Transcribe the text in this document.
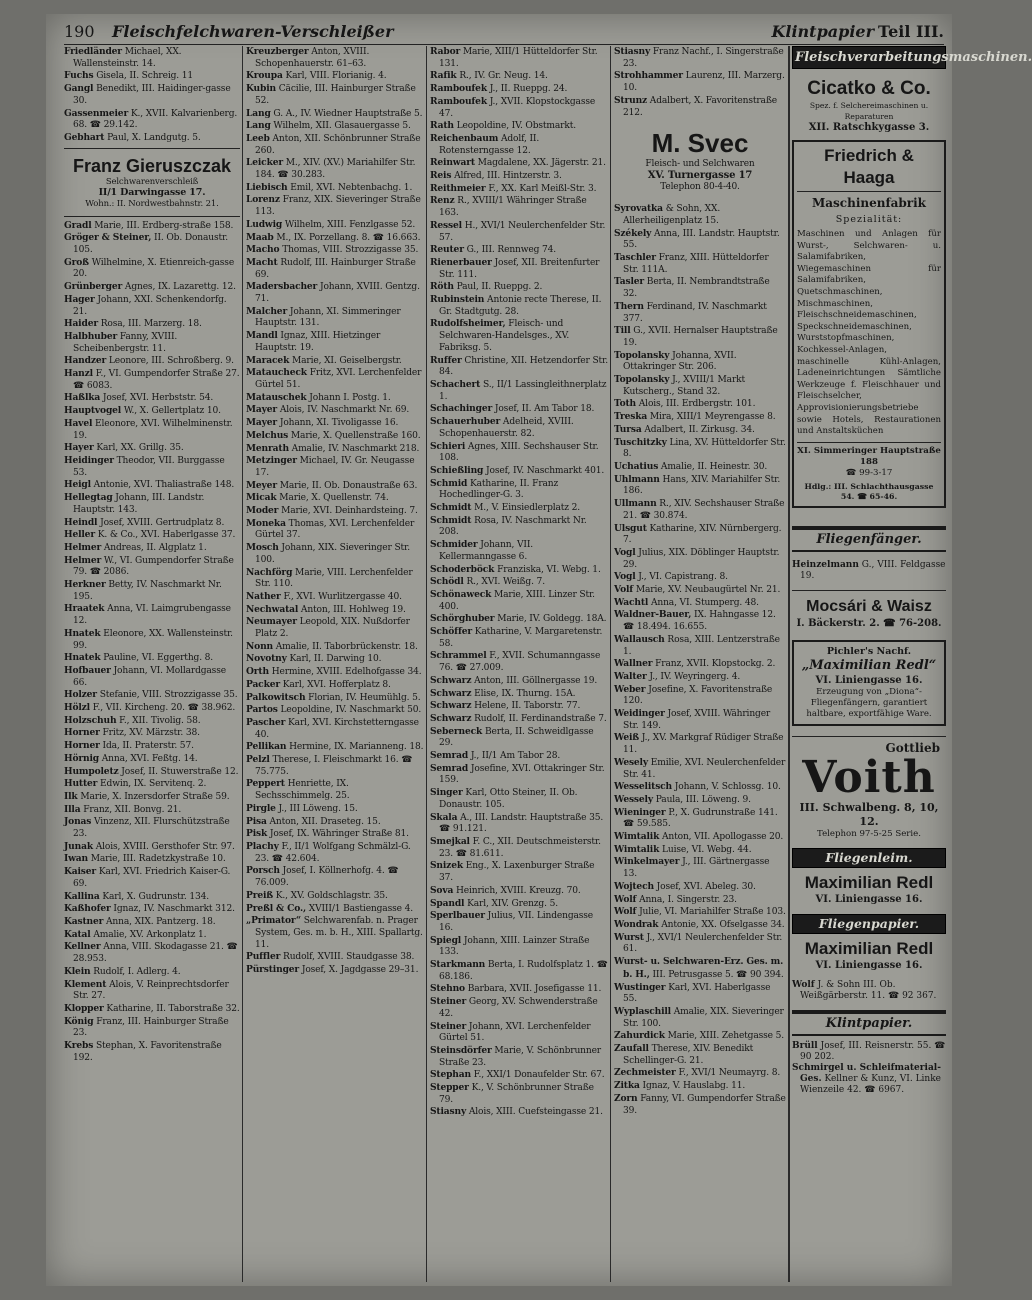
190 Fleischfelchwaren-Verschleißer	Klintpapier Teil III.

Friedländer Michael, XX. Wallensteinstr. 14.

Fuchs Gisela, II. Schreig. 11

Gangl Benedikt, III. Haidinger-gasse 30.

Gassenmeier K., XVII. Kalvarienberg. 68. ☎ 29.142.

Gebhart Paul, X. Landgutg. 5.

Franz Gieruszczak
Selchwarenverschleiß
II/1 Darwingasse 17.
Wohn.: II. Nordwestbahnstr. 21.

Gradl Marie, III. Erdberg-straße 158.

Gröger & Steiner, II. Ob. Donaustr. 105.

Groß Wilhelmine, X. Etienreich-gasse 20.

Grünberger Agnes, IX. Lazarettg. 12.

Hager Johann, XXI. Schenkendorfg. 21.

Haider Rosa, III. Marzerg. 18.

Halbhuber Fanny, XVIII. Scheibenbergstr. 11.

Handzer Leonore, III. Schroßberg. 9.

Hanzl F., VI. Gumpendorfer Straße 27. ☎ 6083.

Haßlka Josef, XVI. Herbststr. 54.

Hauptvogel W., X. Gellertplatz 10.

Havel Eleonore, XVI. Wilhelminenstr. 19.

Hayer Karl, XX. Grillg. 35.

Heidinger Theodor, VII. Burggasse 53.

Heigl Antonie, XVI. Thaliastraße 148.

Hellegtag Johann, III. Landstr. Hauptstr. 143.

Heindl Josef, XVIII. Gertrudplatz 8.

Heller K. & Co., XVI. Haberlgasse 37.

Helmer Andreas, II. Algplatz 1.

Helmer W., VI. Gumpendorfer Straße 79. ☎ 2086.

Herkner Betty, IV. Naschmarkt Nr. 195.

Hraatek Anna, VI. Laimgrubengasse 12.

Hnatek Eleonore, XX. Wallensteinstr. 99.

Hnatek Pauline, VI. Eggerthg. 8.

Hofbauer Johann, VI. Mollardgasse 66.

Holzer Stefanie, VIII. Strozzigasse 35.

Hölzl F., VII. Kircheng. 20. ☎ 38.962.

Holzschuh F., XII. Tivolig. 58.

Horner Fritz, XV. Märzstr. 38.

Horner Ida, II. Praterstr. 57.

Hörnig Anna, XVI. Feßtg. 14.

Humpoletz Josef, II. Stuwerstraße 12.

Hutter Edwin, IX. Servitenq. 2.

Ilk Marie, X. Inzersdorfer Straße 59.

Illa Franz, XII. Bonvg. 21.

Jonas Vinzenz, XII. Flurschützstraße 23.

Junak Alois, XVIII. Gersthofer Str. 97.

Iwan Marie, III. Radetzkystraße 10.

Kaiser Karl, XVI. Friedrich Kaiser-G. 69.

Kallina Karl, X. Gudrunstr. 134.

Kaßhofer Ignaz, IV. Naschmarkt 312.

Kastner Anna, XIX. Pantzerg. 18.

Katal Amalie, XV. Arkonplatz 1.

Kellner Anna, VIII. Skodagasse 21. ☎ 28.953.

Klein Rudolf, I. Adlerg. 4.

Klement Alois, V. Reinprechtsdorfer Str. 27.

Klopper Katharine, II. Taborstraße 32.

König Franz, III. Hainburger Straße 23.

Krebs Stephan, X. Favoritenstraße 192.

Kreuzberger Anton, XVIII. Schopenhauerstr. 61–63.

Kroupa Karl, VIII. Florianig. 4.

Kubin Cäcilie, III. Hainburger Straße 52.

Lang G. A., IV. Wiedner Hauptstraße 5.

Lang Wilhelm, XII. Glasauergasse 5.

Leeb Anton, XII. Schönbrunner Straße 260.

Leicker M., XIV. (XV.) Mariahilfer Str. 184. ☎ 30.283.

Liebisch Emil, XVI. Nebtenbachg. 1.

Lorenz Franz, XIX. Sieveringer Straße 113.

Ludwig Wilhelm, XIII. Fenzlgasse 52.

Maab M., IX. Porzellang. 8. ☎ 16.663.

Macho Thomas, VIII. Strozzigasse 35.

Macht Rudolf, III. Hainburger Straße 69.

Madersbacher Johann, XVIII. Gentzg. 71.

Malcher Johann, XI. Simmeringer Hauptstr. 131.

Mandl Ignaz, XIII. Hietzinger Hauptstr. 19.

Maracek Marie, XI. Geiselbergstr.

Mataucheck Fritz, XVI. Lerchenfelder Gürtel 51.

Matauschek Johann I. Postg. 1.

Mayer Alois, IV. Naschmarkt Nr. 69.

Mayer Johann, XI. Tivoligasse 16.

Melchus Marie, X. Quellenstraße 160.

Menrath Amalie, IV. Naschmarkt 218.

Metzinger Michael, IV. Gr. Neugasse 17.

Meyer Marie, II. Ob. Donaustraße 63.

Micak Marie, X. Quellenstr. 74.

Moder Marie, XVI. Deinhardsteing. 7.

Moneka Thomas, XVI. Lerchenfelder Gürtel 37.

Mosch Johann, XIX. Sieveringer Str. 100.

Nachförg Marie, VIII. Lerchenfelder Str. 110.

Nather F., XVI. Wurlitzergasse 40.

Nechwatal Anton, III. Hohlweg 19.

Neumayer Leopold, XIX. Nußdorfer Platz 2.

Nonn Amalie, II. Taborbrückenstr. 18.

Novotny Karl, II. Darwing 10.

Orth Hermine, XVIII. Edelhofgasse 34.

Packer Karl, XVI. Hofferplatz 8.

Palkowitsch Florian, IV. Heumühlg. 5.

Partos Leopoldine, IV. Naschmarkt 50.

Pascher Karl, XVI. Kirchstetterngasse 40.

Pellikan Hermine, IX. Marianneng. 18.

Pelzl Therese, I. Fleischmarkt 16. ☎ 75.775.

Peppert Henriette, IX. Sechsschimmelg. 25.

Pirgle J., III Löweng. 15.

Pisa Anton, XII. Draseteg. 15.

Pisk Josef, IX. Währinger Straße 81.

Plachy F., II/1 Wolfgang Schmälzl-G. 23. ☎ 42.604.

Porsch Josef, I. Köllnerhofg. 4. ☎ 76.009.

Preiß K., XV. Goldschlagstr. 35.

Preßl & Co., XVIII/1 Bastiengasse 4.

„Primator“ Selchwarenfab. n. Prager System, Ges. m. b. H., XIII. Spallartg. 11.

Puffler Rudolf, XVIII. Staudgasse 38.

Pürstinger Josef, X. Jagdgasse 29–31.

Rabor Marie, XIII/1 Hütteldorfer Str. 131.

Rafik R., IV. Gr. Neug. 14.

Ramboufek J., II. Rueppg. 24.

Ramboufek J., XVII. Klopstockgasse 47.

Rath Leopoldine, IV. Obstmarkt.

Reichenbaum Adolf, II. Rotensterngasse 12.

Reinwart Magdalene, XX. Jägerstr. 21.

Reis Alfred, III. Hintzerstr. 3.

Reithmeier F., XX. Karl Meißl-Str. 3.

Renz R., XVIII/1 Währinger Straße 163.

Ressel H., XVI/1 Neulerchenfelder Str. 57.

Reuter G., III. Rennweg 74.

Rienerbauer Josef, XII. Breitenfurter Str. 111.

Röth Paul, II. Rueppg. 2.

Rubinstein Antonie recte Therese, II. Gr. Stadtgutg. 28.

Rudolfsheimer, Fleisch- und Selchwaren-Handelsges., XV. Fabriksg. 5.

Ruffer Christine, XII. Hetzendorfer Str. 84.

Schachert S., II/1 Lassingleithnerplatz 1.

Schachinger Josef, II. Am Tabor 18.

Schauerhuber Adelheid, XVIII. Schopenhauerstr. 82.

Schieri Agnes, XIII. Sechshauser Str. 108.

Schießling Josef, IV. Naschmarkt 401.

Schmid Katharine, II. Franz Hochedlinger-G. 3.

Schmidt M., V. Einsiedlerplatz 2.

Schmidt Rosa, IV. Naschmarkt Nr. 208.

Schmider Johann, VII. Kellermanngasse 6.

Schoderböck Franziska, VI. Webg. 1.

Schödl R., XVI. Weißg. 7.

Schönaweck Marie, XIII. Linzer Str. 400.

Schörghuber Marie, IV. Goldegg. 18A.

Schöffer Katharine, V. Margaretenstr. 58.

Schrammel F., XVII. Schumanngasse 76. ☎ 27.009.

Schwarz Anton, III. Göllnergasse 19.

Schwarz Elise, IX. Thurng. 15A.

Schwarz Helene, II. Taborstr. 77.

Schwarz Rudolf, II. Ferdinandstraße 7.

Seberneck Berta, II. Schweidlgasse 29.

Semrad J., II/1 Am Tabor 28.

Semrad Josefine, XVI. Ottakringer Str. 159.

Singer Karl, Otto Steiner, II. Ob. Donaustr. 105.

Skala A., III. Landstr. Hauptstraße 35. ☎ 91.121.

Smejkal F. C., XII. Deutschmeisterstr. 23. ☎ 81.611.

Snizek Eng., X. Laxenburger Straße 37.

Sova Heinrich, XVIII. Kreuzg. 70.

Spandl Karl, XIV. Grenzg. 5.

Sperlbauer Julius, VII. Lindengasse 16.

Spiegl Johann, XIII. Lainzer Straße 133.

Starkmann Berta, I. Rudolfsplatz 1. ☎ 68.186.

Stehno Barbara, XVII. Josefigasse 11.

Steiner Georg, XV. Schwenderstraße 42.

Steiner Johann, XVI. Lerchenfelder Gürtel 51.

Steinsdörfer Marie, V. Schönbrunner Straße 23.

Stephan F., XXI/1 Donaufelder Str. 67.

Stepper K., V. Schönbrunner Straße 79.

Stiasny Alois, XIII. Cuefsteingasse 21.

Stiasny Franz Nachf., I. Singerstraße 23.

Strohhammer Laurenz, III. Marzerg. 10.

Strunz Adalbert, X. Favoritenstraße 212.

M. Svec
Fleisch- und Selchwaren
XV. Turnergasse 17
Telephon 80-4-40.

Syrovatka & Sohn, XX. Allerheiligenplatz 15.

Székely Anna, III. Landstr. Hauptstr. 55.

Taschler Franz, XIII. Hütteldorfer Str. 111A.

Tasler Berta, II. Nembrandtstraße 32.

Thern Ferdinand, IV. Naschmarkt 377.

Till G., XVII. Hernalser Hauptstraße 19.

Topolansky Johanna, XVII. Ottakringer Str. 206.

Topolansky J., XVIII/1 Markt Kutscherg., Stand 32.

Toth Alois, III. Erdbergstr. 101.

Treska Mira, XIII/1 Meyrengasse 8.

Tursa Adalbert, II. Zirkusg. 34.

Tuschitzky Lina, XV. Hütteldorfer Str. 8.

Uchatius Amalie, II. Heinestr. 30.

Uhlmann Hans, XIV. Mariahilfer Str. 186.

Ullmann R., XIV. Sechshauser Straße 21. ☎ 30.874.

Ulsgut Katharine, XIV. Nürnbergerg. 7.

Vogl Julius, XIX. Döblinger Hauptstr. 29.

Vogl J., VI. Capistrang. 8.

Volf Marie, XV. Neubaugürtel Nr. 21.

Wachtl Anna, VI. Stumperg. 48.

Waldner-Bauer, IX. Hahngasse 12. ☎ 18.494. 16.655.

Wallausch Rosa, XIII. Lentzerstraße 1.

Wallner Franz, XVII. Klopstockg. 2.

Walter J., IV. Weyringerg. 4.

Weber Josefine, X. Favoritenstraße 120.

Weidinger Josef, XVIII. Währinger Str. 149.

Weiß J., XV. Markgraf Rüdiger Straße 11.

Wesely Emilie, XVI. Neulerchenfelder Str. 41.

Wesselitsch Johann, V. Schlossg. 10.

Wessely Paula, III. Löweng. 9.

Wieninger P., X. Gudrunstraße 141. ☎ 59.585.

Wimtalik Anton, VII. Apollogasse 20.

Wimtalik Luise, VI. Webg. 44.

Winkelmayer J., III. Gärtnergasse 13.

Wojtech Josef, XVI. Abeleg. 30.

Wolf Anna, I. Singerstr. 23.

Wolf Julie, VI. Mariahilfer Straße 103.

Wondrak Antonie, XX. Ofselgasse 34.

Wurst J., XVI/1 Neulerchenfelder Str. 61.

Wurst- u. Selchwaren-Erz. Ges. m. b. H., III. Petrusgasse 5. ☎ 90 394.

Wustinger Karl, XVI. Haberlgasse 55.

Wyplaschill Amalie, XIX. Sieveringer Str. 100.

Zahurdick Marie, XIII. Zehetgasse 5.

Zaufall Therese, XIV. Benedikt Schellinger-G. 21.

Zechmeister F., XVI/1 Neumayrg. 8.

Zitka Ignaz, V. Hauslabg. 11.

Zorn Fanny, VI. Gumpendorfer Straße 39.

Fleischverarbeitungsmaschinen.
Cicatko & Co.
Spez. f. Selchereimaschinen u. Reparaturen
XII. Ratschkygasse 3.
Friedrich & Haaga
Maschinenfabrik
Spezialität:
Maschinen und Anlagen für Wurst-, Selchwaren- u. Salamifabriken, Wiegemaschinen für Salamifabriken, Quetschmaschinen, Mischmaschinen, Fleischschneidemaschinen, Speckschneidemaschinen, Wurststopfmaschinen, Kochkessel-Anlagen, maschinelle Kühl-Anlagen, Ladeneinrichtungen Sämtliche Werkzeuge f. Fleischhauer und Fleischselcher, Approvisionierungsbetriebe sowie Hotels, Restaurationen und Anstaltsküchen
XI. Simmeringer Hauptstraße 188
☎ 99-3-17
Hdlg.: III. Schlachthausgasse 54. ☎ 65-46.
Fliegenfänger.

Heinzelmann G., VIII. Feldgasse 19.

Mocsári & Waisz
I. Bäckerstr. 2. ☎ 76-208.
Pichler's Nachf.
„Maximilian Redl“
VI. Liniengasse 16.
Erzeugung von „Diona“-Fliegenfängern, garantiert haltbare, exportfähige Ware.
Gottlieb
Voith
III. Schwalbeng. 8, 10, 12.
Telephon 97-5-25 Serie.
Fliegenleim.
Maximilian Redl
VI. Liniengasse 16.
Fliegenpapier.
Maximilian Redl
VI. Liniengasse 16.

Wolf J. & Sohn III. Ob. Weißgärberstr. 11. ☎ 92 367.

Klintpapier.

Brüll Josef, III. Reisnerstr. 55. ☎ 90 202.

Schmirgel u. Schleifmaterial-Ges. Kellner & Kunz, VI. Linke Wienzeile 42. ☎ 6967.
